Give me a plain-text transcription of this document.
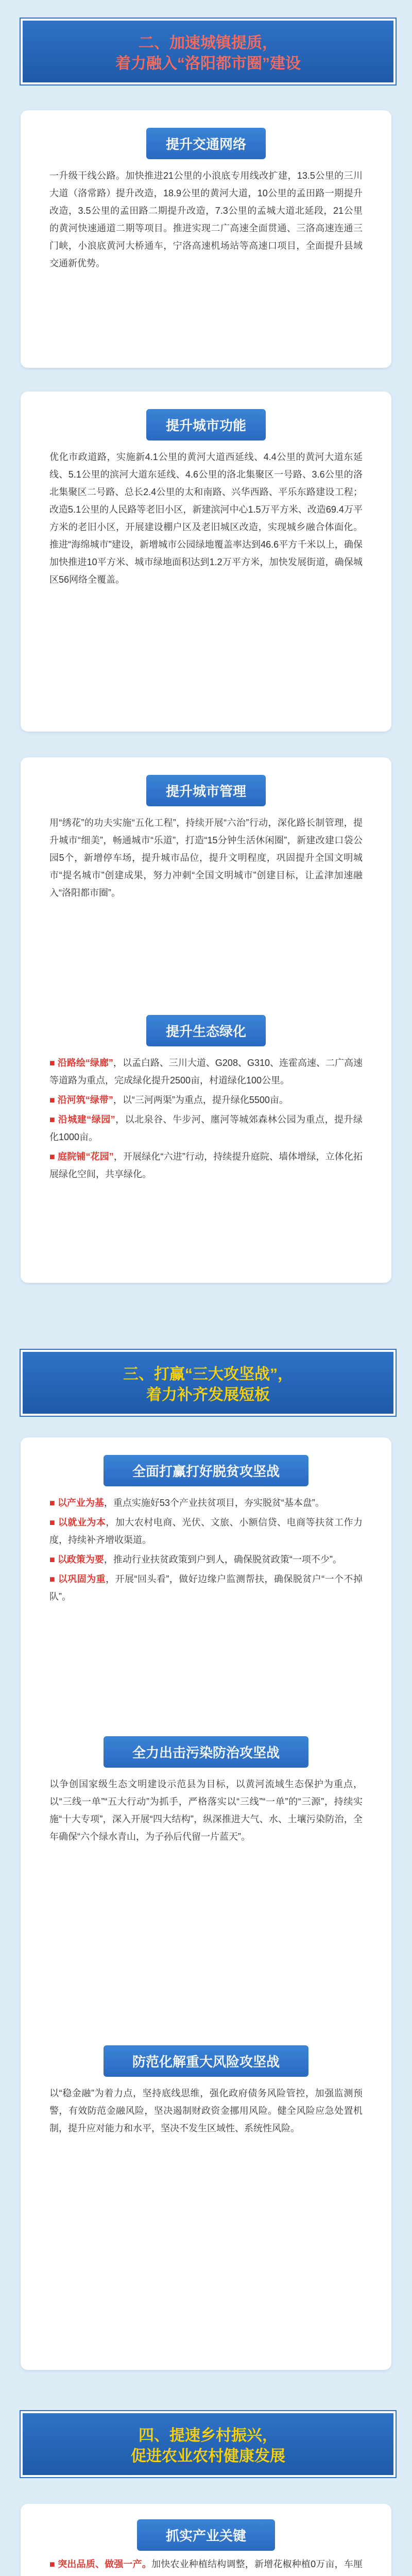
二、加速城镇提质，
着力融入“洛阳都市圈”建设
提升交通网络
一升级干线公路。加快推进21公里的小浪底专用线改扩建，13.5公里的三川大道（洛常路）提升改造，18.9公里的黄河大道，10公里的孟田路一期提升改造，3.5公里的孟田路二期提升改造，7.3公里的孟城大道北延段，21公里的黄河快速通道二期等项目。推进实现二广高速全面贯通、三洛高速连通三门峡，小浪底黄河大桥通车，宁洛高速机场站等高速口项目，全面提升县域交通新优势。
提升城市功能
优化市政道路，实施新4.1公里的黄河大道西延线、4.4公里的黄河大道东延线、5.1公里的滨河大道东延线、4.6公里的洛北集聚区一号路、3.6公里的洛北集聚区二号路、总长2.4公里的太和南路、兴华西路、平乐东路建设工程；改造5.1公里的人民路等老旧小区，新建滨河中心1.5万平方米、改造69.4万平方米的老旧小区，开展建设棚户区及老旧城区改造，实现城乡融合体面化。推进“海绵城市”建设，新增城市公园绿地覆盖率达到46.6平方千米以上，确保加快推进10平方米、城市绿地面积达到1.2万平方米，加快发展街道，确保城区56网络全覆盖。
提升城市管理
用“绣花”的功夫实施“五化工程”，持续开展“六治”行动，深化路长制管理，提升城市“细美”，畅通城市“乐道”，打造“15分钟生活休闲圈”，新建改建口袋公园5个，新增停车场，提升城市品位，提升文明程度，巩固提升全国文明城市“提名城市”创建成果，努力冲刺“全国文明城市”创建目标，让孟津加速融入“洛阳都市圈”。
提升生态绿化

■ 沿路绘“绿廊”，以孟白路、三川大道、G208、G310、连霍高速、二广高速等道路为重点，完成绿化提升2500亩，村道绿化100公里。

■ 沿河筑“绿带”，以“三河两渠”为重点，提升绿化5500亩。

■ 沿城建“绿园”，以北泉谷、牛步河、廛河等城郊森林公园为重点，提升绿化1000亩。

■ 庭院铺“花园”，开展绿化“六进”行动，持续提升庭院、墙体增绿，立体化拓展绿化空间，共享绿化。

三、打赢“三大攻坚战”，
着力补齐发展短板
全面打赢打好脱贫攻坚战

■ 以产业为基，重点实施好53个产业扶贫项目，夯实脱贫“基本盘”。

■ 以就业为本，加大农村电商、光伏、文旅、小额信贷、电商等扶贫工作力度，持续补齐增收渠道。

■ 以政策为要，推动行业扶贫政策到户到人，确保脱贫政策“一项不少”。

■ 以巩固为重，开展“回头看”，做好边缘户监测帮扶，确保脱贫户“一个不掉队”。

全力出击污染防治攻坚战
以争创国家级生态文明建设示范县为目标，以黄河流域生态保护为重点，以“三线一单”“五大行动”为抓手，严格落实以“三线”“一单”的“三源”，持续实施“十大专项”，深入开展“四大结构”，纵深推进大气、水、土壤污染防治，全年确保“六个绿水青山，为子孙后代留一片蓝天”。
防范化解重大风险攻坚战
以“稳金融”为着力点，坚持底线思维，强化政府债务风险管控，加强监测预警，有效防范金融风险，坚决遏制财政资金挪用风险。健全风险应急处置机制，提升应对能力和水平，坚决不发生区域性、系统性风险。
四、提速乡村振兴，
促进农业农村健康发展
抓实产业关键

■ 突出品质、做强一产。加快农业种植结构调整，新增花椒种植0万亩，车厘
